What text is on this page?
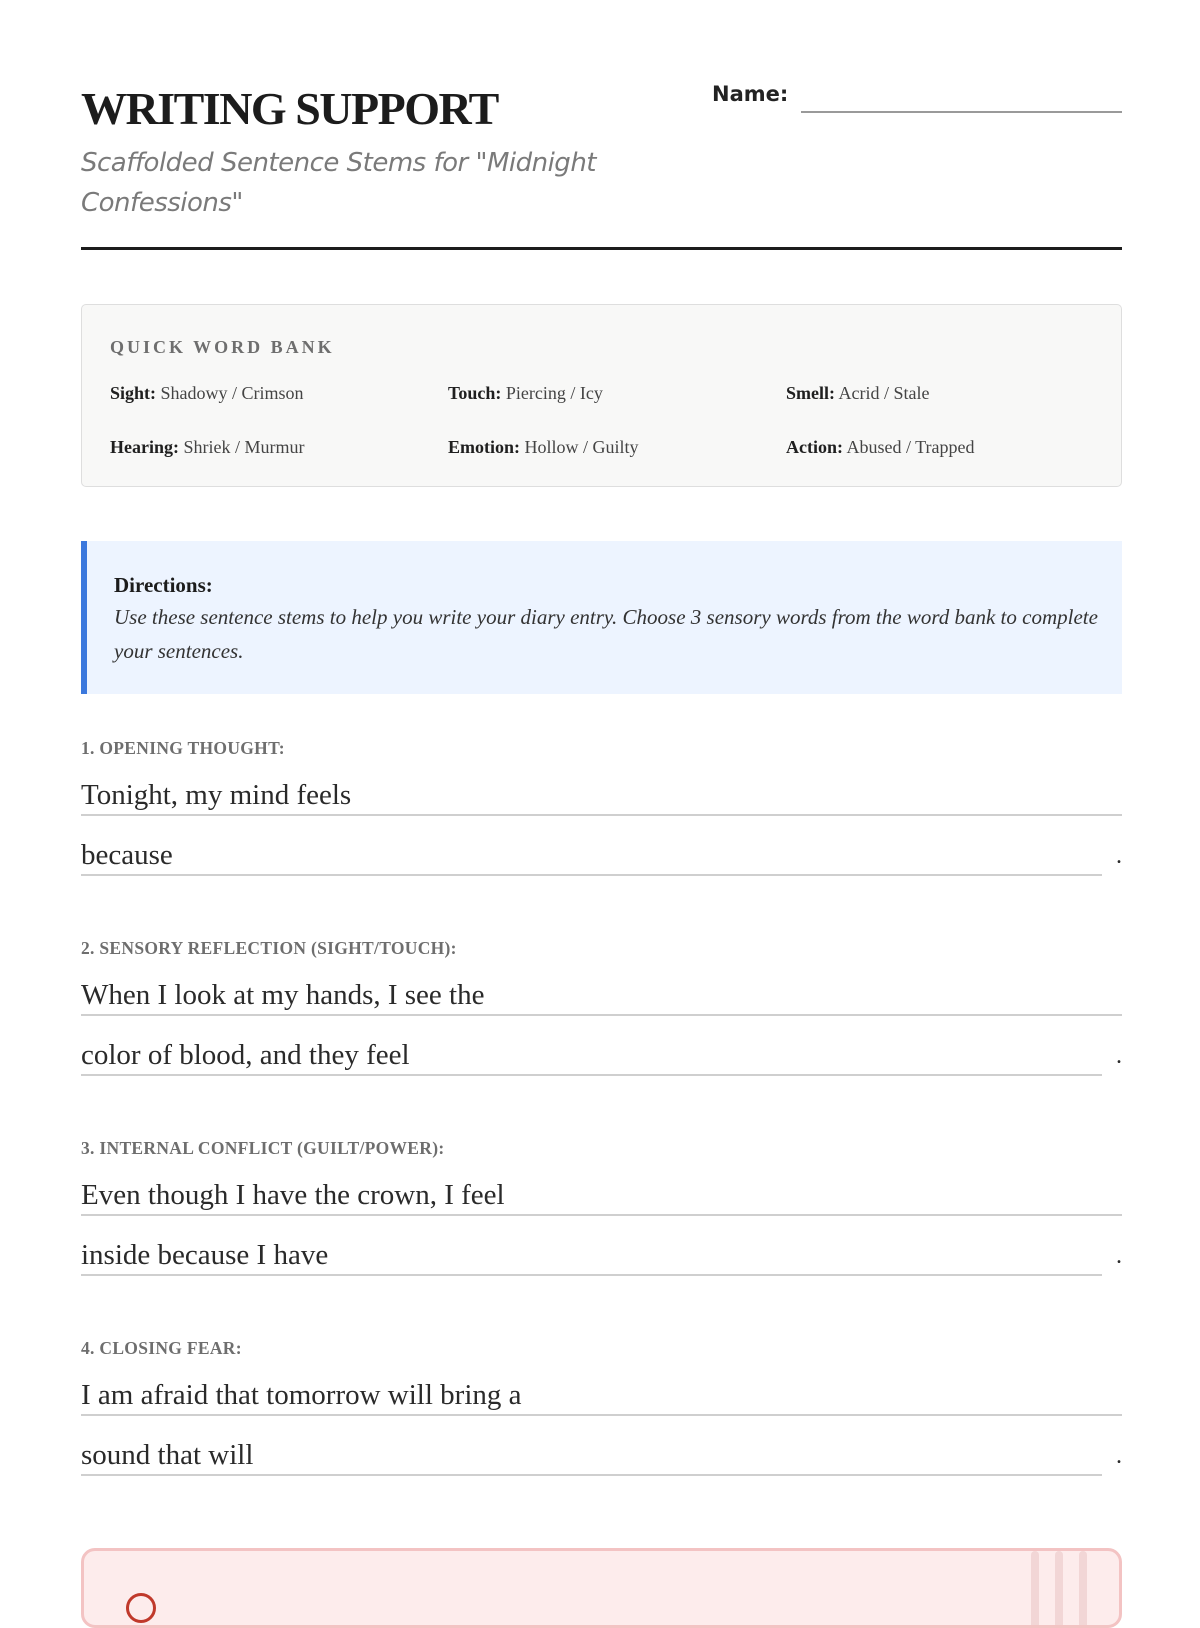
WRITING SUPPORT
Scaffolded Sentence Stems for "Midnight Confessions"
Name:
QUICK WORD BANK
Sight: Shadowy / Crimson	Touch: Piercing / Icy	Smell: Acrid / Stale
Hearing: Shriek / Murmur	Emotion: Hollow / Guilty	Action: Abused / Trapped
Directions:
Use these sentence stems to help you write your diary entry. Choose 3 sensory words from the word bank to complete your sentences.
1. OPENING THOUGHT:
Tonight, my mind feels
because	.
2. SENSORY REFLECTION (SIGHT/TOUCH):
When I look at my hands, I see the
color of blood, and they feel	.
3. INTERNAL CONFLICT (GUILT/POWER):
Even though I have the crown, I feel
inside because I have	.
4. CLOSING FEAR:
I am afraid that tomorrow will bring a
sound that will	.
